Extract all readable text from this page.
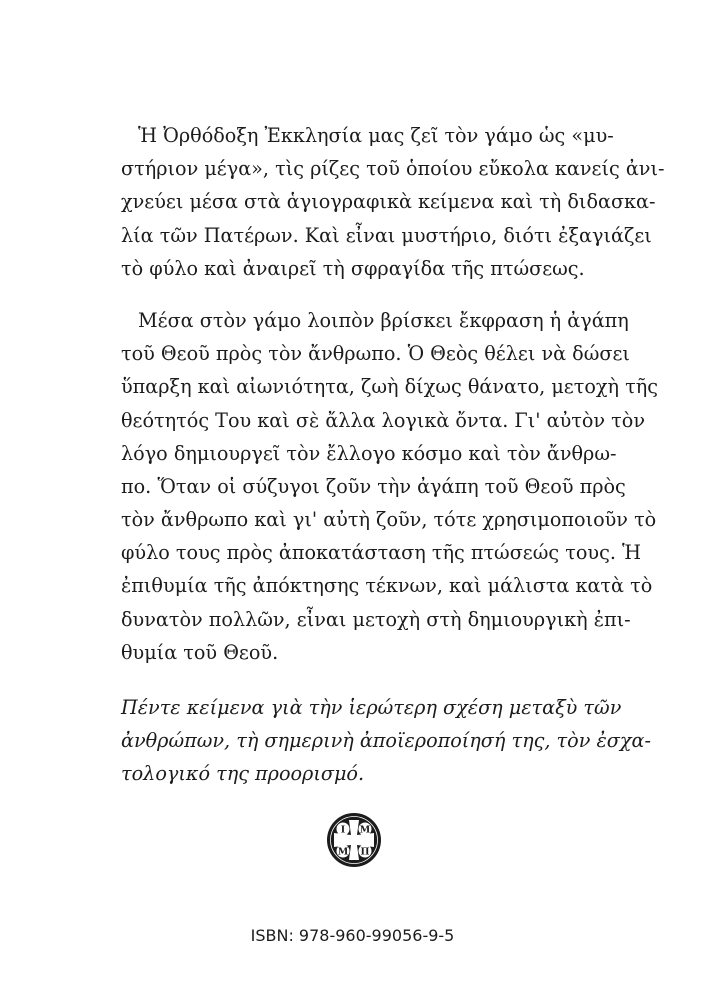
Ἡ Ὀρθόδοξη Ἐκκλησία μας ζεῖ τὸν γάμο ὡς «μυ-
στήριον μέγα», τὶς ρίζες τοῦ ὁποίου εὔκολα κανείς ἀνι-
χνεύει μέσα στὰ ἁγιογραφικὰ κείμενα καὶ τὴ διδασκα-
λία τῶν Πατέρων. Καὶ εἶναι μυστήριο, διότι ἐξαγιάζει
τὸ φύλο καὶ ἀναιρεῖ τὴ σφραγίδα τῆς πτώσεως.

Μέσα στὸν γάμο λοιπὸν βρίσκει ἔκφραση ἡ ἀγάπη
τοῦ Θεοῦ πρὸς τὸν ἄνθρωπο. Ὁ Θεὸς θέλει νὰ δώσει
ὕπαρξη καὶ αἰωνιότητα, ζωὴ δίχως θάνατο, μετοχὴ τῆς
θεότητός Του καὶ σὲ ἄλλα λογικὰ ὄντα. Γι' αὐτὸν τὸν
λόγο δημιουργεῖ τὸν ἔλλογο κόσμο καὶ τὸν ἄνθρω-
πο. Ὅταν οἱ σύζυγοι ζοῦν τὴν ἀγάπη τοῦ Θεοῦ πρὸς
τὸν ἄνθρωπο καὶ γι' αὐτὴ ζοῦν, τότε χρησιμοποιοῦν τὸ
φύλο τους πρὸς ἀποκατάσταση τῆς πτώσεώς τους. Ἡ
ἐπιθυμία τῆς ἀπόκτησης τέκνων, καὶ μάλιστα κατὰ τὸ
δυνατὸν πολλῶν, εἶναι μετοχὴ στὴ δημιουργικὴ ἐπι-
θυμία τοῦ Θεοῦ.

Πέντε κείμενα γιὰ τὴν ἱερώτερη σχέση μεταξὺ τῶν
ἀνθρώπων, τὴ σημερινὴ ἀποϊεροποίησή της, τὸν ἐσχα-
τολογικό της προορισμό.

Ι Μ
Μ Π
ISBN: 978-960-99056-9-5
